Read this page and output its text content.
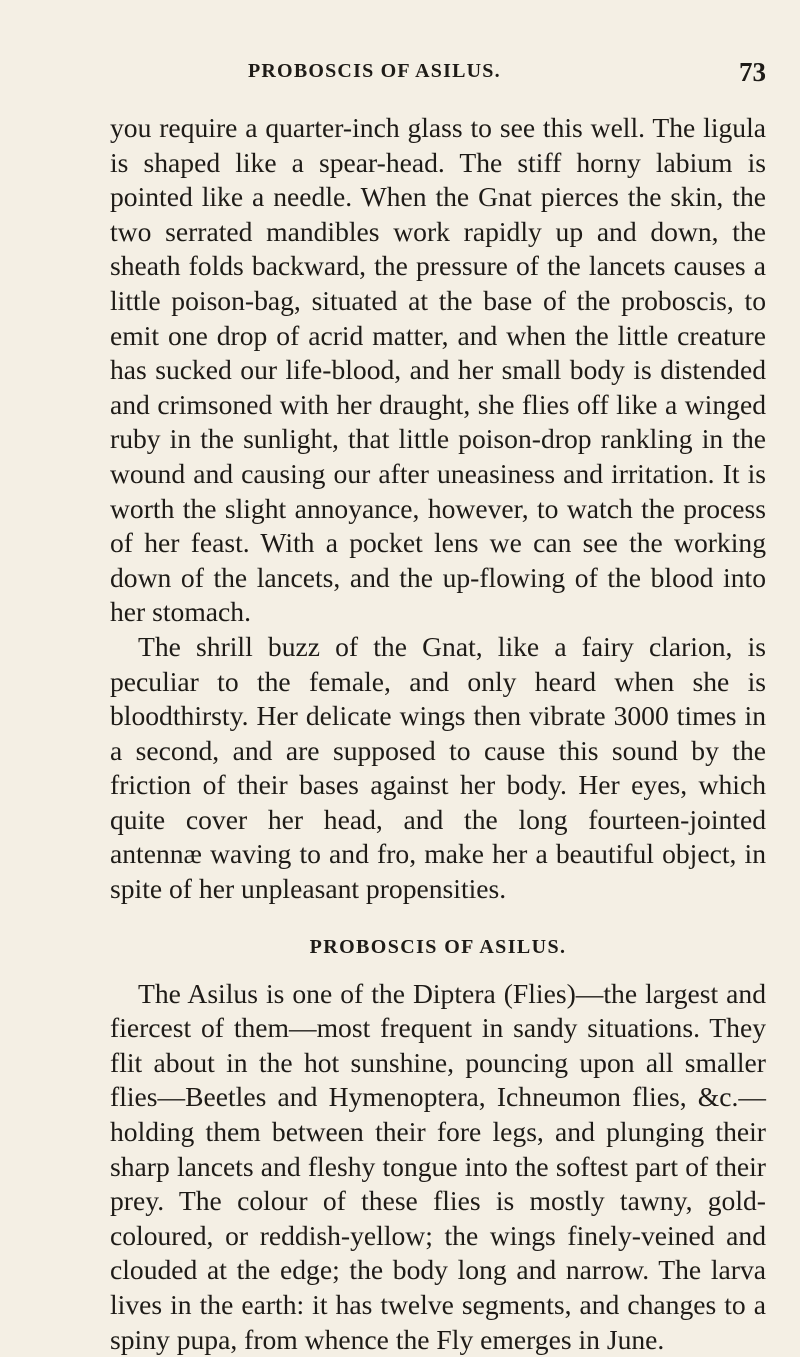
PROBOSCIS OF ASILUS.	73

you require a quarter-inch glass to see this well. The ligula is shaped like a spear-head. The stiff horny labium is pointed like a needle. When the Gnat pierces the skin, the two serrated mandibles work rapidly up and down, the sheath folds backward, the pressure of the lancets causes a little poison-bag, situated at the base of the proboscis, to emit one drop of acrid matter, and when the little creature has sucked our life-blood, and her small body is distended and crimsoned with her draught, she flies off like a winged ruby in the sunlight, that little poison-drop rankling in the wound and causing our after uneasiness and irritation. It is worth the slight annoyance, however, to watch the process of her feast. With a pocket lens we can see the working down of the lancets, and the up-flowing of the blood into her stomach.

The shrill buzz of the Gnat, like a fairy clarion, is peculiar to the female, and only heard when she is bloodthirsty. Her delicate wings then vibrate 3000 times in a second, and are supposed to cause this sound by the friction of their bases against her body. Her eyes, which quite cover her head, and the long fourteen-jointed antennæ waving to and fro, make her a beautiful object, in spite of her unpleasant propensities.

PROBOSCIS OF ASILUS.

The Asilus is one of the Diptera (Flies)—the largest and fiercest of them—most frequent in sandy situations. They flit about in the hot sunshine, pouncing upon all smaller flies—Beetles and Hymenoptera, Ichneumon flies, &c.—holding them between their fore legs, and plunging their sharp lancets and fleshy tongue into the softest part of their prey. The colour of these flies is mostly tawny, gold-coloured, or reddish-yellow; the wings finely-veined and clouded at the edge; the body long and narrow. The larva lives in the earth: it has twelve segments, and changes to a spiny pupa, from whence the Fly emerges in June.
